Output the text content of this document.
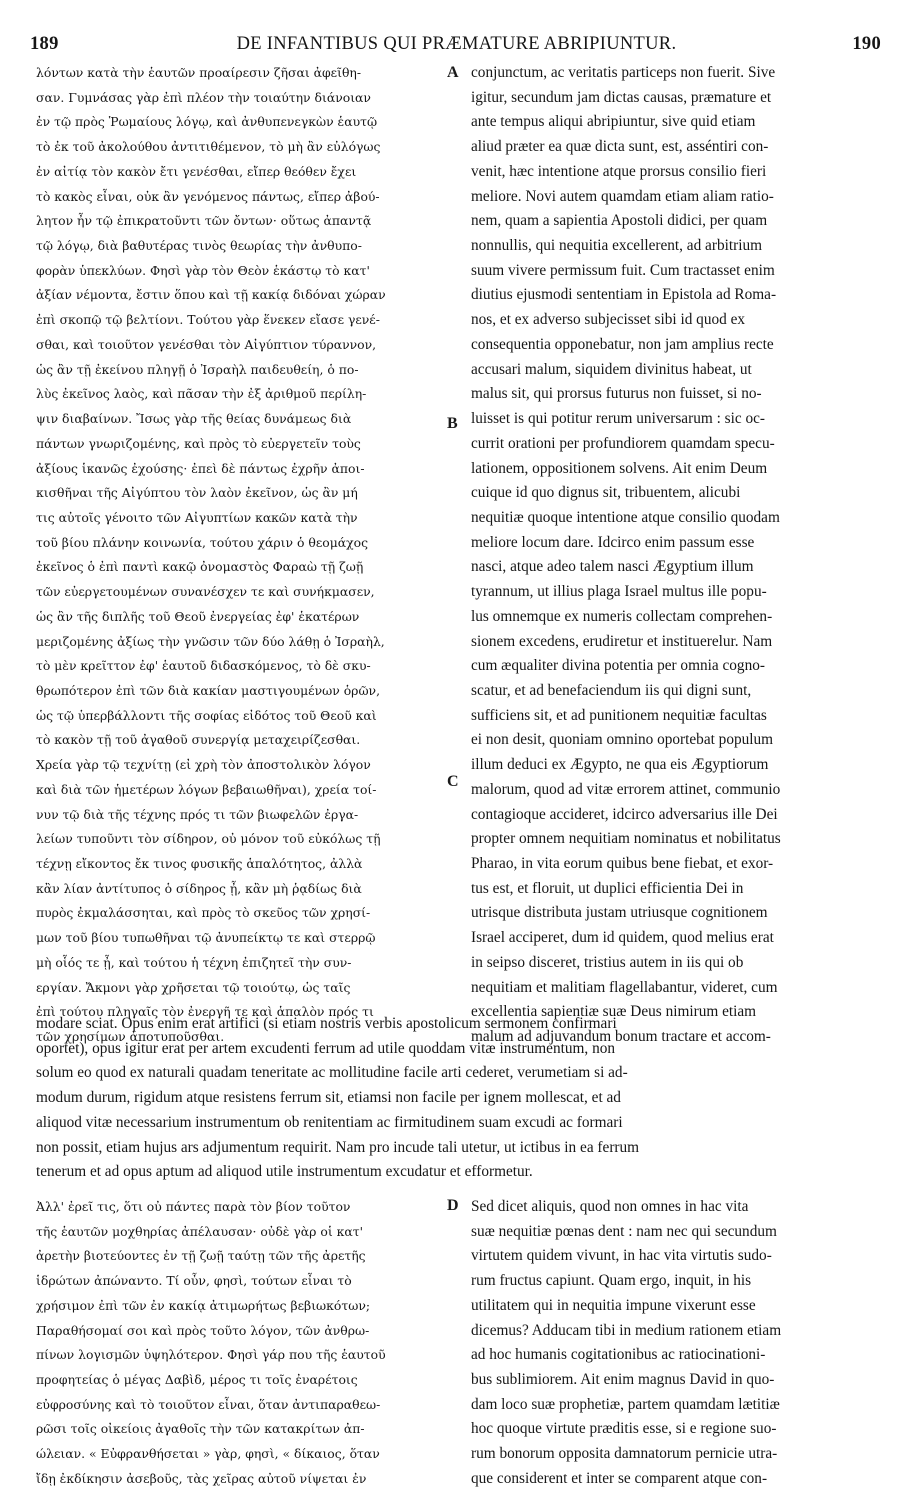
189	DE INFANTIBUS QUI PRÆMATURE ABRIPIUNTUR.	190
λόντων κατὰ τὴν ἑαυτῶν προαίρεσιν ζῆσαι ἀφεῖθη-
σαν. Γυμνάσας γὰρ ἐπὶ πλέον τὴν τοιαύτην διάνοιαν
ἐν τῷ πρὸς Ῥωμαίους λόγῳ, καὶ ἀνθυπενεγκὼν ἑαυτῷ
τὸ ἐκ τοῦ ἀκολούθου ἀντιτιθέμενον, τὸ μὴ ἂν εὐλόγως
ἐν αἰτίᾳ τὸν κακὸν ἔτι γενέσθαι, εἴπερ θεόθεν ἔχει
τὸ κακὸς εἶναι, οὐκ ἂν γενόμενος πάντως, εἴπερ ἀβού-
λητον ἦν τῷ ἐπικρατοῦντι τῶν ὄντων· οὕτως ἀπαντᾷ
τῷ λόγῳ, διὰ βαθυτέρας τινὸς θεωρίας τὴν ἀνθυπο-
φορὰν ὑπεκλύων. Φησὶ γὰρ τὸν Θεὸν ἑκάστῳ τὸ κατ'
ἀξίαν νέμοντα, ἔστιν ὅπου καὶ τῇ κακίᾳ διδόναι χώραν
ἐπὶ σκοπῷ τῷ βελτίονι. Τούτου γὰρ ἕνεκεν εἴασε γενέ-
σθαι, καὶ τοιοῦτον γενέσθαι τὸν Αἰγύπτιον τύραννον,
ὡς ἂν τῇ ἐκείνου πληγῇ ὁ Ἰσραὴλ παιδευθείη, ὁ πο-
λὺς ἐκεῖνος λαὸς, καὶ πᾶσαν τὴν ἐξ ἀριθμοῦ περίλη-
ψιν διαβαίνων. Ἴσως γὰρ τῆς θείας δυνάμεως διὰ
πάντων γνωριζομένης, καὶ πρὸς τὸ εὐεργετεῖν τοὺς
ἀξίους ἱκανῶς ἐχούσης· ἐπεὶ δὲ πάντως ἐχρῆν ἀποι-
κισθῆναι τῆς Αἰγύπτου τὸν λαὸν ἐκεῖνον, ὡς ἂν μή
τις αὐτοῖς γένοιτο τῶν Αἰγυπτίων κακῶν κατὰ τὴν
τοῦ βίου πλάνην κοινωνία, τούτου χάριν ὁ θεομάχος
ἐκεῖνος ὁ ἐπὶ παντὶ κακῷ ὀνομαστὸς Φαραὼ τῇ ζωῇ
τῶν εὐεργετουμένων συνανέσχεν τε καὶ συνήκμασεν,
ὡς ἂν τῆς διπλῆς τοῦ Θεοῦ ἐνεργείας ἐφ' ἑκατέρων
μεριζομένης ἀξίως τὴν γνῶσιν τῶν δύο λάθῃ ὁ Ἰσραὴλ,
τὸ μὲν κρεῖττον ἐφ' ἑαυτοῦ διδασκόμενος, τὸ δὲ σκυ-
θρωπότερον ἐπὶ τῶν διὰ κακίαν μαστιγουμένων ὁρῶν,
ὡς τῷ ὑπερβάλλοντι τῆς σοφίας εἰδότος τοῦ Θεοῦ καὶ
τὸ κακὸν τῇ τοῦ ἀγαθοῦ συνεργίᾳ μεταχειρίζεσθαι.
Χρεία γὰρ τῷ τεχνίτῃ (εἰ χρὴ τὸν ἀποστολικὸν λόγον
καὶ διὰ τῶν ἡμετέρων λόγων βεβαιωθῆναι), χρεία τοί-
νυν τῷ διὰ τῆς τέχνης πρός τι τῶν βιωφελῶν ἐργα-
λείων τυποῦντι τὸν σίδηρον, οὐ μόνον τοῦ εὐκόλως τῇ
τέχνῃ εἴκοντος ἔκ τινος φυσικῆς ἁπαλότητος, ἀλλὰ
κἂν λίαν ἀντίτυπος ὁ σίδηρος ᾖ, κἂν μὴ ῥᾳδίως διὰ
πυρὸς ἐκμαλάσσηται, καὶ πρὸς τὸ σκεῦος τῶν χρησί-
μων τοῦ βίου τυπωθῆναι τῷ ἀνυπείκτῳ τε καὶ στερρῷ
μὴ οἷός τε ᾖ, καὶ τούτου ἡ τέχνη ἐπιζητεῖ τὴν συν-
εργίαν. Ἄκμονι γὰρ χρῆσεται τῷ τοιούτῳ, ὡς ταῖς
ἐπὶ τούτου πληγαῖς τὸν ἐνεργῆ τε καὶ ἁπαλὸν πρός τι
τῶν χρησίμων ἀποτυποῦσθαι.
conjunctum, ac veritatis particeps non fuerit. Sive
igitur, secundum jam dictas causas, præmature et
ante tempus aliqui abripiuntur, sive quid etiam
aliud præter ea quæ dicta sunt, est, asséntiri con-
venit, hæc intentione atque prorsus consilio fieri
meliore. Novi autem quamdam etiam aliam ratio-
nem, quam a sapientia Apostoli didici, per quam
nonnullis, qui nequitia excellerent, ad arbitrium
suum vivere permissum fuit. Cum tractasset enim
diutius ejusmodi sententiam in Epistola ad Roma-
nos, et ex adverso subjecisset sibi id quod ex
consequentia opponebatur, non jam amplius recte
accusari malum, siquidem divinitus habeat, ut
malus sit, qui prorsus futurus non fuisset, si no-
luisset is qui potitur rerum universarum : sic oc-
currit orationi per profundiorem quamdam specu-
lationem, oppositionem solvens. Ait enim Deum
cuique id quo dignus sit, tribuentem, alicubi
nequitiæ quoque intentione atque consilio quodam
meliore locum dare. Idcirco enim passum esse
nasci, atque adeo talem nasci Ægyptium illum
tyrannum, ut illius plaga Israel multus ille popu-
lus omnemque ex numeris collectam comprehen-
sionem excedens, erudiretur et instituerelur. Nam
cum æqualiter divina potentia per omnia cogno-
scatur, et ad benefaciendum iis qui digni sunt,
sufficiens sit, et ad punitionem nequitiæ facultas
ei non desit, quoniam omnino oportebat populum
illum deduci ex Ægypto, ne qua eis Ægyptiorum
malorum, quod ad vitæ errorem attinet, communio
contagioque accideret, idcirco adversarius ille Dei
propter omnem nequitiam nominatus et nobilitatus
Pharao, in vita eorum quibus bene fiebat, et exor-
tus est, et floruit, ut duplici efficientia Dei in
utrisque distributa justam utriusque cognitionem
Israel acciperet, dum id quidem, quod melius erat
in seipso disceret, tristius autem in iis qui ob
nequitiam et malitiam flagellabantur, videret, cum
excellentia sapientiæ suæ Deus nimirum etiam
malum ad adjuvandum bonum tractare et accom-
A
B
C
modare sciat. Opus enim erat artifici (si etiam nostris verbis apostolicum sermonem confirmari
oportet), opus igitur erat per artem excudenti ferrum ad utile quoddam vitæ instrumentum, non
solum eo quod ex naturali quadam teneritate ac mollitudine facile arti cederet, verumetiam si ad-
modum durum, rigidum atque resistens ferrum sit, etiamsi non facile per ignem mollescat, et ad
aliquod vitæ necessarium instrumentum ob renitentiam ac firmitudinem suam excudi ac formari
non possit, etiam hujus ars adjumentum requirit. Nam pro incude tali utetur, ut ictibus in ea ferrum
tenerum et ad opus aptum ad aliquod utile instrumentum excudatur et efformetur.
Ἀλλ' ἐρεῖ τις, ὅτι οὐ πάντες παρὰ τὸν βίον τοῦτον
τῆς ἑαυτῶν μοχθηρίας ἀπέλαυσαν· οὐδὲ γὰρ οἱ κατ'
ἀρετὴν βιοτεύοντες ἐν τῇ ζωῇ ταύτῃ τῶν τῆς ἀρετῆς
ἱδρώτων ἀπώναντο. Τί οὖν, φησὶ, τούτων εἶναι τὸ
χρήσιμον ἐπὶ τῶν ἐν κακίᾳ ἀτιμωρήτως βεβιωκότων;
Παραθήσομαί σοι καὶ πρὸς τοῦτο λόγον, τῶν ἀνθρω-
πίνων λογισμῶν ὑψηλότερον. Φησὶ γάρ που τῆς ἑαυτοῦ
προφητείας ὁ μέγας Δαβὶδ, μέρος τι τοῖς ἐναρέτοις
εὐφροσύνης καὶ τὸ τοιοῦτον εἶναι, ὅταν ἀντιπαραθεω-
ρῶσι τοῖς οἰκείοις ἀγαθοῖς τὴν τῶν κατακρίτων ἀπ-
ώλειαν. « Εὐφρανθήσεται » γὰρ, φησὶ, « δίκαιος, ὅταν
ἴδῃ ἐκδίκησιν ἀσεβοῦς, τὰς χεῖρας αὐτοῦ νίψεται ἐν
Sed dicet aliquis, quod non omnes in hac vita
suæ nequitiæ pœnas dent : nam nec qui secundum
virtutem quidem vivunt, in hac vita virtutis sudo-
rum fructus capiunt. Quam ergo, inquit, in his
utilitatem qui in nequitia impune vixerunt esse
dicemus? Adducam tibi in medium rationem etiam
ad hoc humanis cogitationibus ac ratiocinationi-
bus sublimiorem. Ait enim magnus David in quo-
dam loco suæ prophetiæ, partem quamdam lætitiæ
hoc quoque virtute præditis esse, si e regione suo-
rum bonorum opposita damnatorum pernicie utra-
que considerent et inter se comparent atque con-
D
